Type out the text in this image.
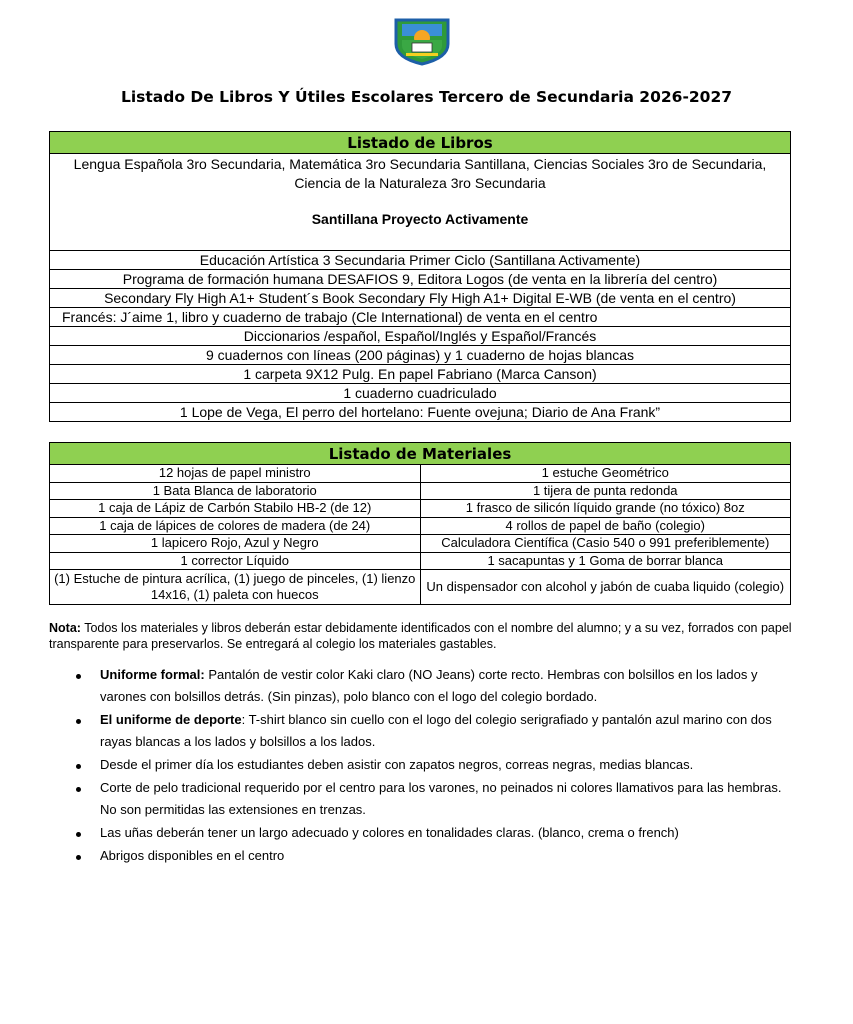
Listado De Libros Y Útiles Escolares Tercero de Secundaria 2026-2027
Listado de Libros
Lengua Española 3ro Secundaria, Matemática 3ro Secundaria Santillana, Ciencias Sociales 3ro de Secundaria, Ciencia de la Naturaleza 3ro Secundaria
Santillana Proyecto Activamente

Educación Artística 3 Secundaria Primer Ciclo (Santillana Activamente)
Programa de formación humana DESAFIOS 9, Editora Logos (de venta en la librería del centro)
Secondary Fly High A1+ Student´s Book Secondary Fly High A1+ Digital E-WB (de venta en el centro)
Francés: J´aime 1, libro y cuaderno de trabajo (Cle International) de venta en el centro
Diccionarios /español, Español/Inglés y Español/Francés
9 cuadernos con líneas (200 páginas) y 1 cuaderno de hojas blancas
1 carpeta 9X12 Pulg. En papel Fabriano (Marca Canson)
1 cuaderno cuadriculado
1 Lope de Vega, El perro del hortelano: Fuente ovejuna; Diario de Ana Frank”
Listado de Materiales	
12 hojas de papel ministro	1 estuche Geométrico
1 Bata Blanca de laboratorio	1 tijera de punta redonda
1 caja de Lápiz de Carbón Stabilo HB-2 (de 12)	1 frasco de silicón líquido grande (no tóxico) 8oz
1 caja de lápices de colores de madera (de 24)	4 rollos de papel de baño (colegio)
1 lapicero Rojo, Azul y Negro	Calculadora Científica (Casio 540 o 991 preferiblemente)
1 corrector Líquido	1 sacapuntas y 1 Goma de borrar blanca
(1) Estuche de pintura acrílica, (1) juego de pinceles, (1) lienzo 14x16, (1) paleta con huecos	Un dispensador con alcohol y jabón de cuaba liquido (colegio)
Nota: Todos los materiales y libros deberán estar debidamente identificados con el nombre del alumno; y a su vez, forrados con papel transparente para preservarlos. Se entregará al colegio los materiales gastables.
Uniforme formal: Pantalón de vestir color Kaki claro (NO Jeans) corte recto. Hembras con bolsillos en los lados y varones con bolsillos detrás. (Sin pinzas), polo blanco con el logo del colegio bordado.
El uniforme de deporte: T-shirt blanco sin cuello con el logo del colegio serigrafiado y pantalón azul marino con dos rayas blancas a los lados y bolsillos a los lados.
Desde el primer día los estudiantes deben asistir con zapatos negros, correas negras, medias blancas.
Corte de pelo tradicional requerido por el centro para los varones, no peinados ni colores llamativos para las hembras. No son permitidas las extensiones en trenzas.
Las uñas deberán tener un largo adecuado y colores en tonalidades claras. (blanco, crema o french)
Abrigos disponibles en el centro
